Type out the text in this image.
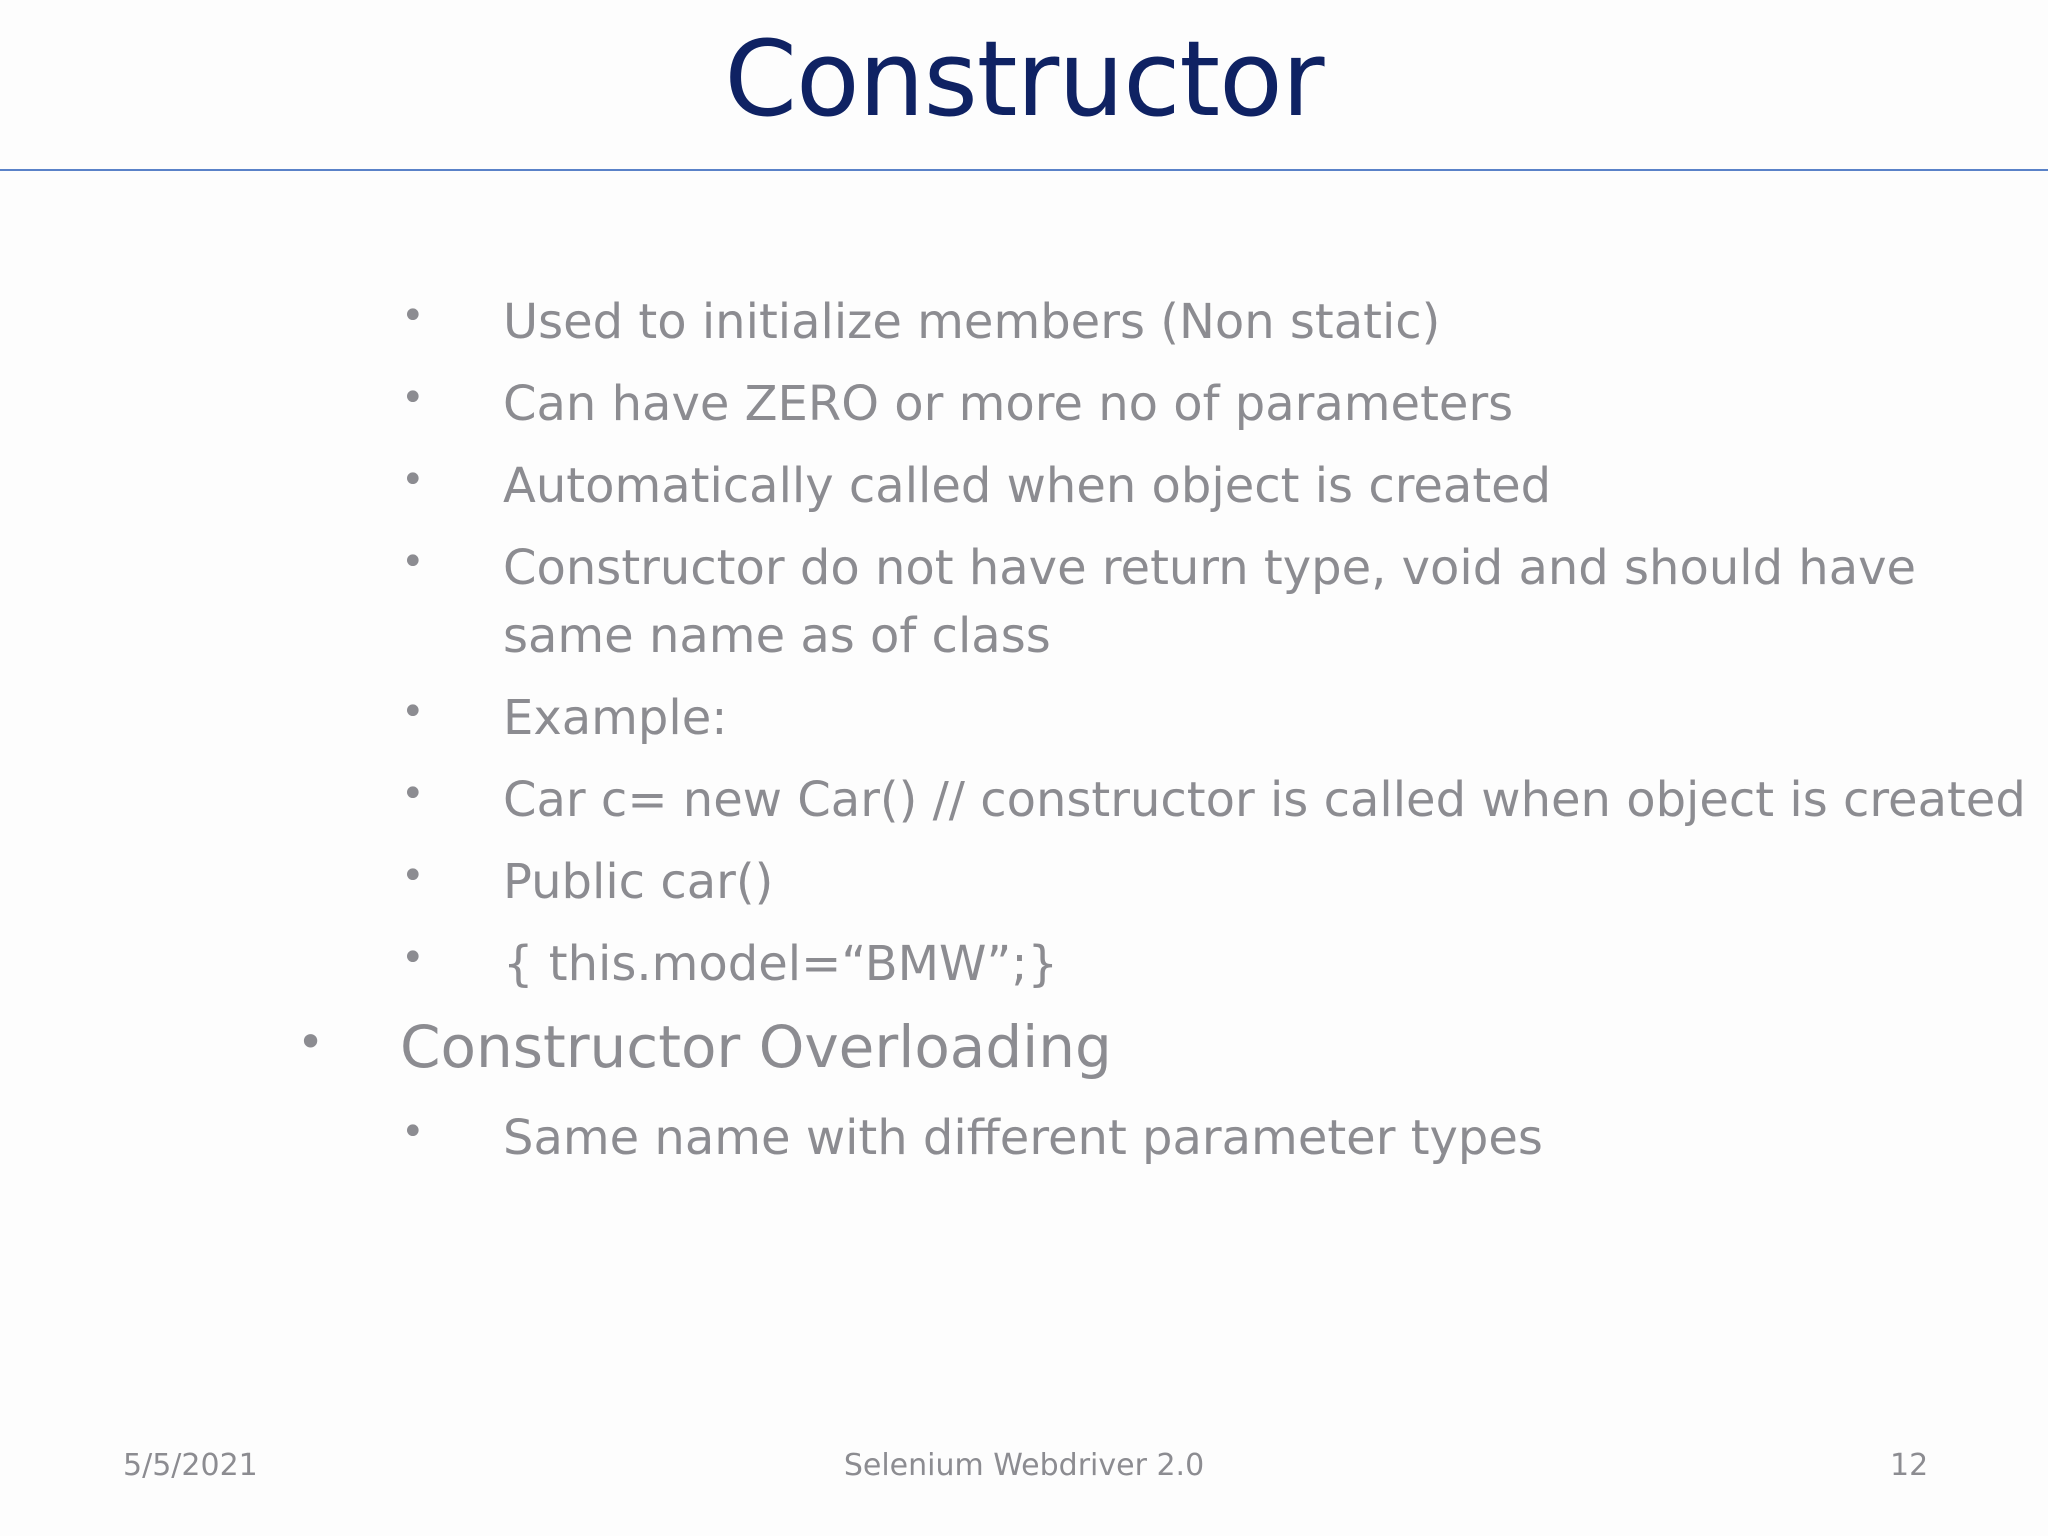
Constructor
• Used to initialize members (Non static)
• Can have ZERO or more no of parameters
• Automatically called when object is created
• Constructor do not have return type, void and should have
same name as of class
• Example:
• Car c= new Car() // constructor is called when object is created
• Public car()
• { this.model=“BMW”;}
• Constructor Overloading
• Same name with different parameter types
5/5/2021	Selenium Webdriver 2.0	12
